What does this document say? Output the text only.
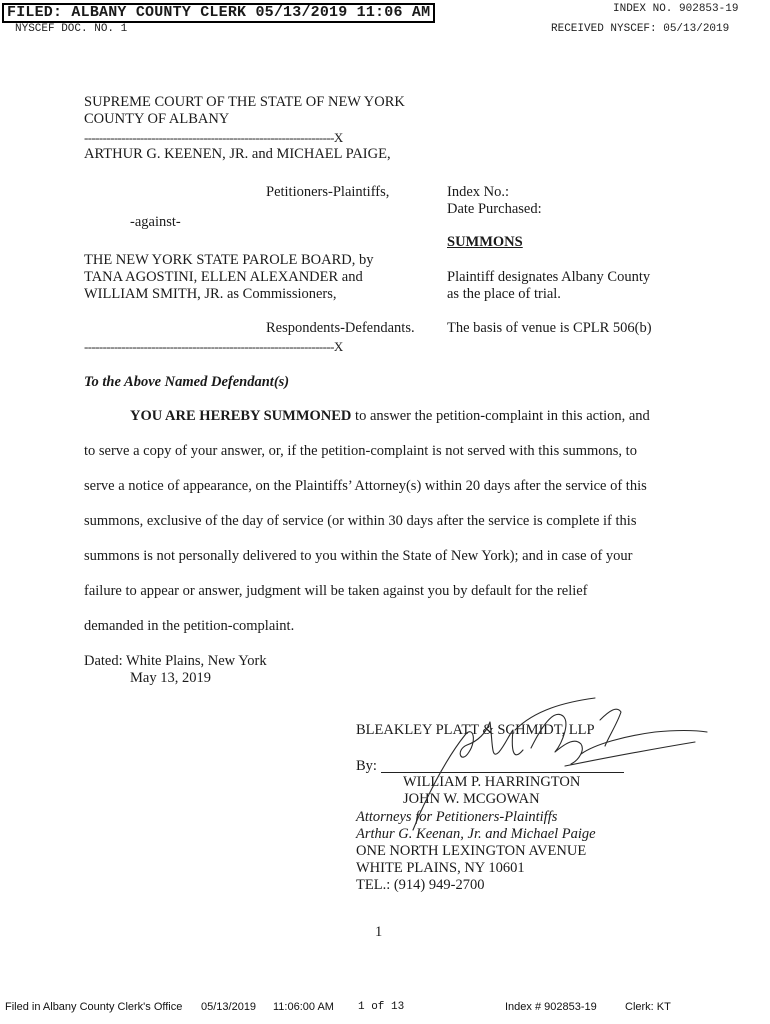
FILED: ALBANY COUNTY CLERK 05/13/2019 11:06 AM
NYSCEF DOC. NO. 1
INDEX NO. 902853-19
RECEIVED NYSCEF: 05/13/2019
SUPREME COURT OF THE STATE OF NEW YORK
COUNTY OF ALBANY
-------------------------------------------------------------------X
ARTHUR G. KEENEN, JR. and MICHAEL PAIGE,
Petitioners-Plaintiffs,	Index No.:
Date Purchased:
-against-
SUMMONS
THE NEW YORK STATE PAROLE BOARD, by
TANA AGOSTINI, ELLEN ALEXANDER and
WILLIAM SMITH, JR. as Commissioners,
Plaintiff designates Albany County
as the place of trial.
Respondents-Defendants. The basis of venue is CPLR 506(b)
-------------------------------------------------------------------X
To the Above Named Defendant(s)
YOU ARE HEREBY SUMMONED to answer the petition-complaint in this action, and
to serve a copy of your answer, or, if the petition-complaint is not served with this summons, to
serve a notice of appearance, on the Plaintiffs’ Attorney(s) within 20 days after the service of this
summons, exclusive of the day of service (or within 30 days after the service is complete if this
summons is not personally delivered to you within the State of New York); and in case of your
failure to appear or answer, judgment will be taken against you by default for the relief
demanded in the petition-complaint.
Dated: White Plains, New York
May 13, 2019
BLEAKLEY PLATT & SCHMIDT, LLP
By:
WILLIAM P. HARRINGTON
JOHN W. MCGOWAN
Attorneys for Petitioners-Plaintiffs
Arthur G. Keenan, Jr. and Michael Paige
ONE NORTH LEXINGTON AVENUE
WHITE PLAINS, NY 10601
TEL.: (914) 949-2700
1
Filed in Albany County Clerk's Office 05/13/2019 11:06:00 AM 1 of 13	Index # 902853-19	Clerk: KT
